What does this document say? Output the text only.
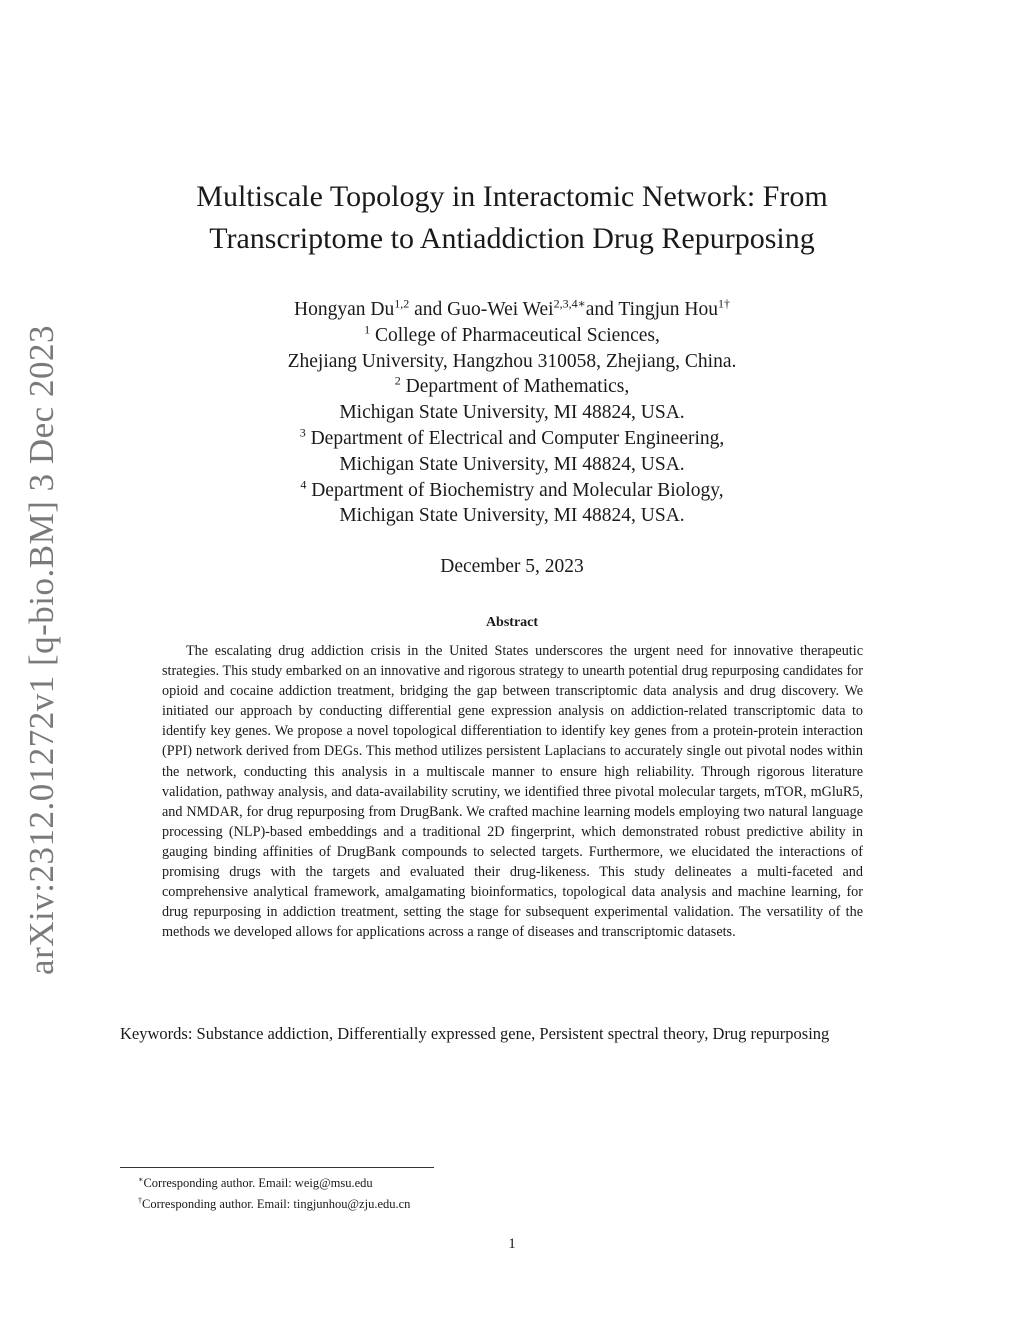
arXiv:2312.01272v1 [q-bio.BM] 3 Dec 2023
Multiscale Topology in Interactomic Network: From
Transcriptome to Antiaddiction Drug Repurposing
Hongyan Du$^{1,2}$ and Guo-Wei Wei$^{2,3,4∗}$and Tingjun Hou$^{1\dagger}$
$^1$ College of Pharmaceutical Sciences,
Zhejiang University, Hangzhou 310058, Zhejiang, China.
$^2$ Department of Mathematics,
Michigan State University, MI 48824, USA.
$^3$ Department of Electrical and Computer Engineering,
Michigan State University, MI 48824, USA.
$^4$ Department of Biochemistry and Molecular Biology,
Michigan State University, MI 48824, USA.
December 5, 2023
Abstract

The escalating drug addiction crisis in the United States underscores the urgent need for innovative therapeutic strategies. This study embarked on an innovative and rigorous strategy to unearth potential drug repurposing candidates for opioid and cocaine addiction treatment, bridging the gap between transcriptomic data analysis and drug discovery. We initiated our approach by conducting differential gene expression analysis on addiction-related transcriptomic data to identify key genes. We propose a novel topological differentiation to identify key genes from a protein-protein interaction (PPI) network derived from DEGs. This method utilizes persistent Laplacians to accurately single out pivotal nodes within the network, conducting this analysis in a multiscale manner to ensure high reliability. Through rigorous literature validation, pathway analysis, and data-availability scrutiny, we identified three pivotal molecular targets, mTOR, mGluR5, and NMDAR, for drug repurposing from DrugBank. We crafted machine learning models employing two natural language processing (NLP)-based embeddings and a traditional 2D fingerprint, which demonstrated robust predictive ability in gauging binding affinities of DrugBank compounds to selected targets. Furthermore, we elucidated the interactions of promising drugs with the targets and evaluated their drug-likeness. This study delineates a multi-faceted and comprehensive analytical framework, amalgamating bioinformatics, topological data analysis and machine learning, for drug repurposing in addiction treatment, setting the stage for subsequent experimental validation. The versatility of the methods we developed allows for applications across a range of diseases and transcriptomic datasets.

Keywords: Substance addiction, Differentially expressed gene, Persistent spectral theory, Drug repurposing
∗Corresponding author. Email: weig@msu.edu
†Corresponding author. Email: tingjunhou@zju.edu.cn
1
